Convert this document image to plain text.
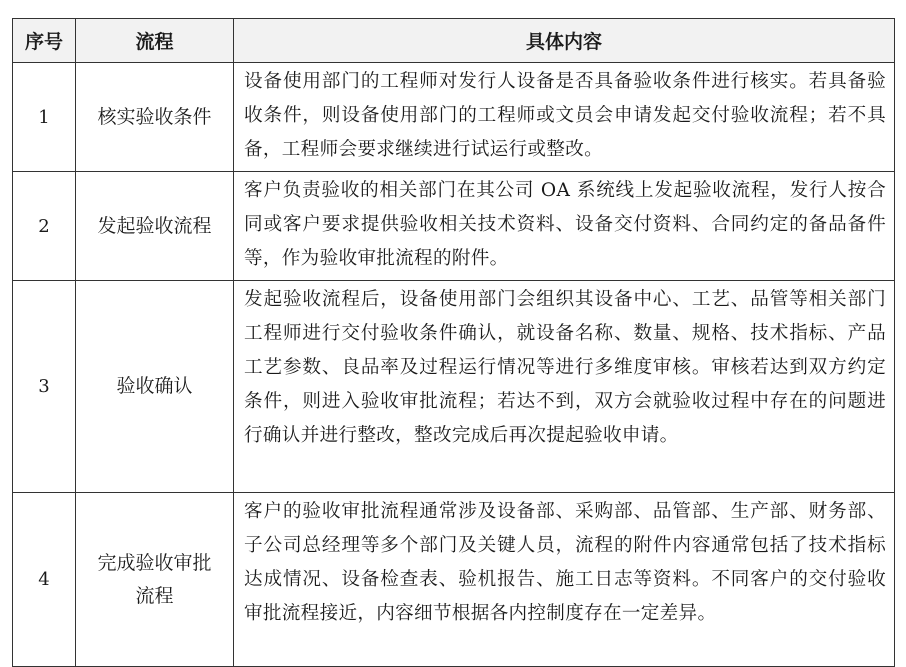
序号	流程	具体内容
1	核实验收条件	设备使用部门的工程师对发行人设备是否具备验收条件进行核实。若具备验收条件，则设备使用部门的工程师或文员会申请发起交付验收流程；若不具备，工程师会要求继续进行试运行或整改。
2	发起验收流程	客户负责验收的相关部门在其公司 OA 系统线上发起验收流程，发行人按合同或客户要求提供验收相关技术资料、设备交付资料、合同约定的备品备件等，作为验收审批流程的附件。
3	验收确认	发起验收流程后，设备使用部门会组织其设备中心、工艺、品管等相关部门工程师进行交付验收条件确认，就设备名称、数量、规格、技术指标、产品工艺参数、良品率及过程运行情况等进行多维度审核。审核若达到双方约定条件，则进入验收审批流程；若达不到，双方会就验收过程中存在的问题进行确认并进行整改，整改完成后再次提起验收申请。
4	完成验收审批流程	客户的验收审批流程通常涉及设备部、采购部、品管部、生产部、财务部、子公司总经理等多个部门及关键人员，流程的附件内容通常包括了技术指标达成情况、设备检查表、验机报告、施工日志等资料。不同客户的交付验收审批流程接近，内容细节根据各内控制度存在一定差异。
